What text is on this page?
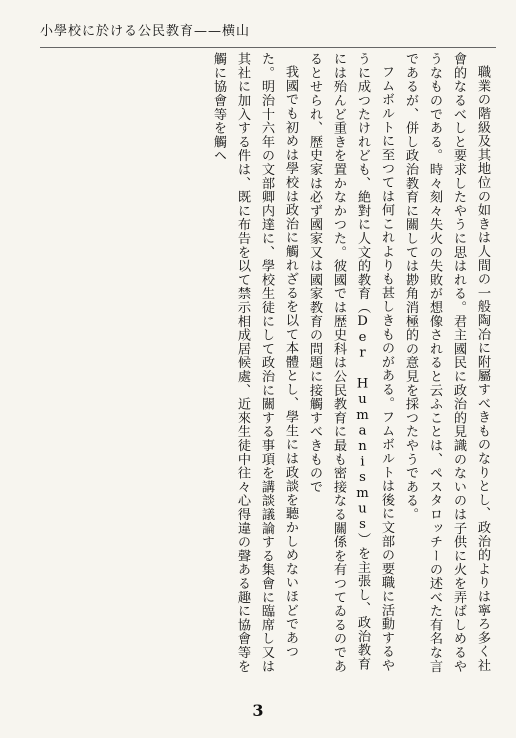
小學校に於ける公民教育——横山

職業の階級及其地位の如きは人間の一般陶冶に附屬すべきものなりとし、政治的よりは寧ろ多く社會的なるべしと要求したやうに思はれる。君主國民に政治的見識のないのは子供に火を弄ばしめるやうなものである。時々刻々失火の失敗が想像されると云ふことは、ペスタロッチーの述べた有名な言であるが、併し政治教育に關しては尠角消極的の意見を採つたやうである。

フムボルトに至つては何これよりも甚しきものがある。フムボルトは後に文部の要職に活動するやうに成つたけれども、絶對に人文的教育（Der Humanismus）を主張し、政治教育には殆んど重きを置かなかつた。彼國では歴史科は公民教育に最も密接なる關係を有つてゐるのであるとせられ、歴史家は必ず國家又は國家教育の問題に接觸すべきもので

我國でも初めは學校は政治に觸れざるを以て本體とし、學生には政談を聽かしめないほどであつた。明治十六年の文部卿内達に、學校生徒にして政治に關する事項を講談議論する集會に臨席し又は其社に加入する件は、既に布告を以て禁示相成居候處、近來生徒中往々心得違の聲ある趣に協會等を觸に協會等を觸ヘ

3
